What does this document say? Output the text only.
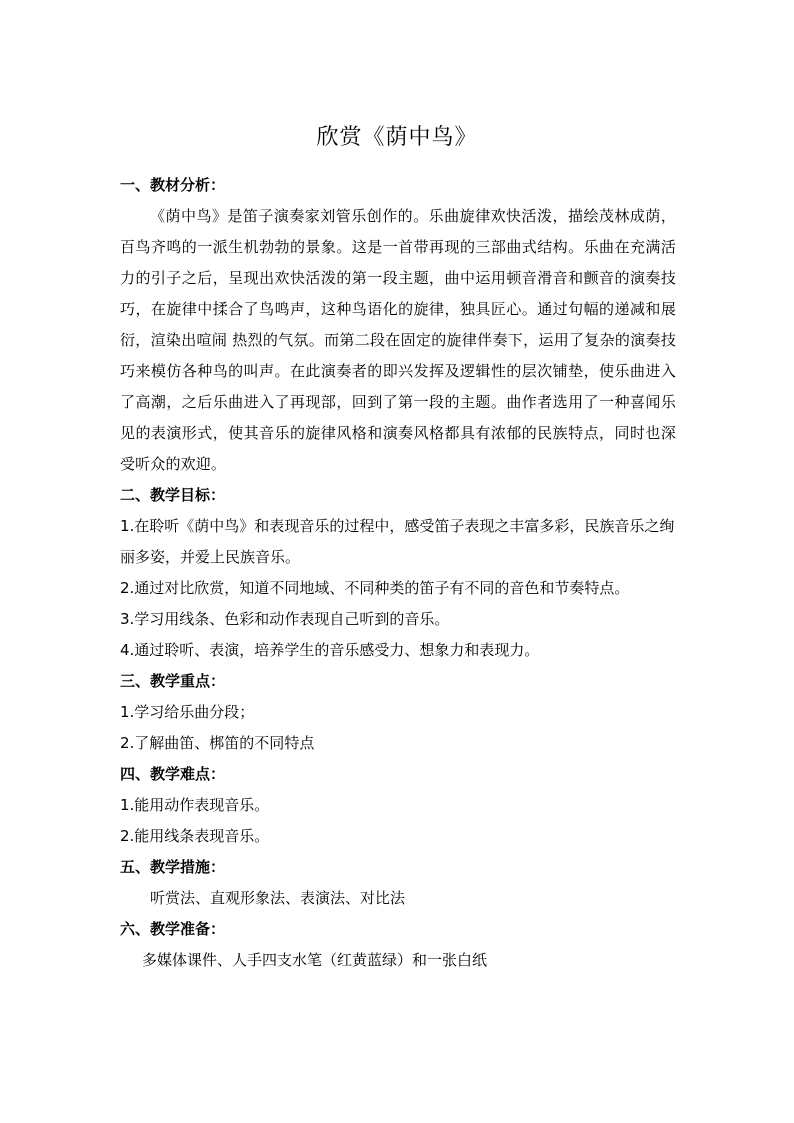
欣赏《荫中鸟》
一、教材分析：

《荫中鸟》是笛子演奏家刘管乐创作的。乐曲旋律欢快活泼，描绘茂林成荫，百鸟齐鸣的一派生机勃勃的景象。这是一首带再现的三部曲式结构。乐曲在充满活力的引子之后，呈现出欢快活泼的第一段主题，曲中运用顿音滑音和颤音的演奏技巧，在旋律中揉合了鸟鸣声，这种鸟语化的旋律，独具匠心。通过句幅的递减和展衍，渲染出喧闹 热烈的气氛。而第二段在固定的旋律伴奏下，运用了复杂的演奏技巧来模仿各种鸟的叫声。在此演奏者的即兴发挥及逻辑性的层次铺垫，使乐曲进入了高潮，之后乐曲进入了再现部，回到了第一段的主题。曲作者选用了一种喜闻乐见的表演形式，使其音乐的旋律风格和演奏风格都具有浓郁的民族特点，同时也深受听众的欢迎。

二、教学目标：

1.在聆听《荫中鸟》和表现音乐的过程中，感受笛子表现之丰富多彩，民族音乐之绚丽多姿，并爱上民族音乐。

2.通过对比欣赏，知道不同地域、不同种类的笛子有不同的音色和节奏特点。

3.学习用线条、色彩和动作表现自己听到的音乐。

4.通过聆听、表演，培养学生的音乐感受力、想象力和表现力。

三、教学重点：

1.学习给乐曲分段；

2.了解曲笛、梆笛的不同特点

四、教学难点：

1.能用动作表现音乐。

2.能用线条表现音乐。

五、教学措施：

听赏法、直观形象法、表演法、对比法

六、教学准备：

多媒体课件、人手四支水笔（红黄蓝绿）和一张白纸
